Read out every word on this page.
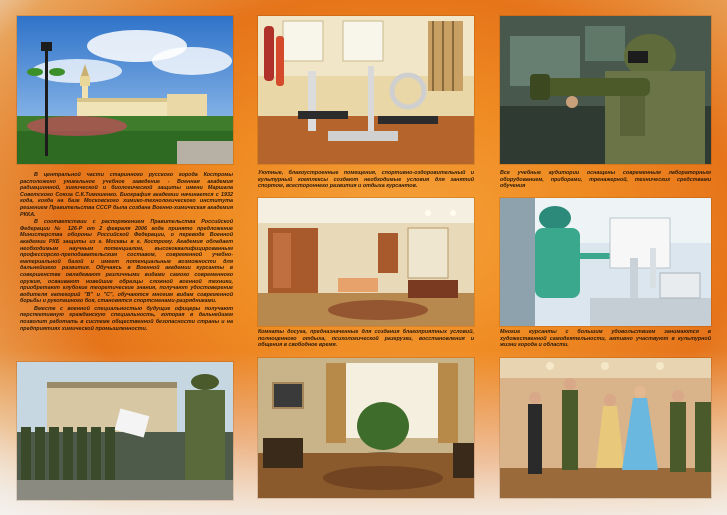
В центральной части старинного русского города Костромы расположено уникальное учебное заведение - Военная академия радиационной, химической и биологической защиты имени Маршала Советского Союза С.К.Тимошенко. Биография академии начинается с 1932 года, когда на базе Московского химико-технологического института решением Правительства СССР была создана Военно-химическая академия РККА.

В соответствии с распоряжением Правительства Российской Федерации № 126-Р от 2 февраля 2006 года принято предложение Министерства обороны Российской Федерации, о переводе Военной академии РХБ защиты из г. Москвы в г. Кострому. Академия обладает необходимым научным потенциалом, высококвалифицированным профессорско-преподавательским составом, современной учебно-материальной базой и имеет потенциальные возможности для дальнейшего развития. Обучаясь в Военной академии курсанты в совершенстве овладевают различными видами самого современного оружия, осваивают новейшие образцы сложной военной техники, приобретают глубокие теоретические знания, получают удостоверение водителя категорий "В" и "С", обучаются многим видам современной борьбы и рукопашного боя, становятся спортсменами-разрядниками.

Вместе с военной специальностью будущие офицеры получают перспективную гражданскую специальность, которая в дальнейшем позволит работать в системе общественной безопасности страны и на предприятиях химической промышленности.

Уютные, благоустроенные помещения, спортивно-оздоровительный и культурный комплексы создают необходимые условия для занятий спортом, всестороннего развития и отдыха курсантов.

Все учебные аудитории оснащены современным лабораторным оборудованием, приборами, тренажерной, технических средствами обучения

Комнаты досуга, предназначенные для создания благоприятных условий, полноценного отдыха, психологической разгрузки, восстановления и общения в свободное время.

Многие курсанты с большим удовольствием занимаются в художественной самодеятельности, активно участвуют в культурной жизни города и области.
